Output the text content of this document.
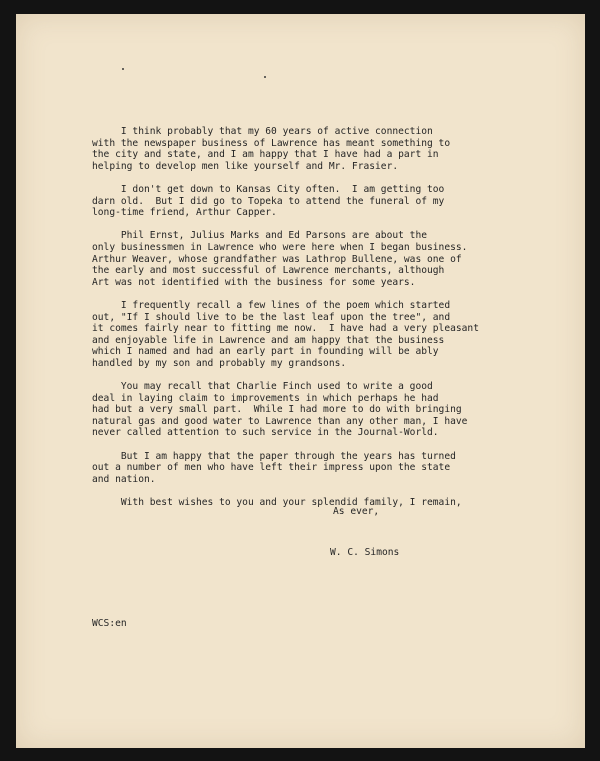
I think probably that my 60 years of active connection
with the newspaper business of Lawrence has meant something to
the city and state, and I am happy that I have had a part in
helping to develop men like yourself and Mr. Frasier.
I don't get down to Kansas City often.  I am getting too
darn old.  But I did go to Topeka to attend the funeral of my
long-time friend, Arthur Capper.
Phil Ernst, Julius Marks and Ed Parsons are about the
only businessmen in Lawrence who were here when I began business.
Arthur Weaver, whose grandfather was Lathrop Bullene, was one of
the early and most successful of Lawrence merchants, although
Art was not identified with the business for some years.
I frequently recall a few lines of the poem which started
out, "If I should live to be the last leaf upon the tree", and
it comes fairly near to fitting me now.  I have had a very pleasant
and enjoyable life in Lawrence and am happy that the business
which I named and had an early part in founding will be ably
handled by my son and probably my grandsons.
You may recall that Charlie Finch used to write a good
deal in laying claim to improvements in which perhaps he had
had but a very small part.  While I had more to do with bringing
natural gas and good water to Lawrence than any other man, I have
never called attention to such service in the Journal-World.
But I am happy that the paper through the years has turned
out a number of men who have left their impress upon the state
and nation.
With best wishes to you and your splendid family, I remain,
As ever,
W. C. Simons
WCS:en
